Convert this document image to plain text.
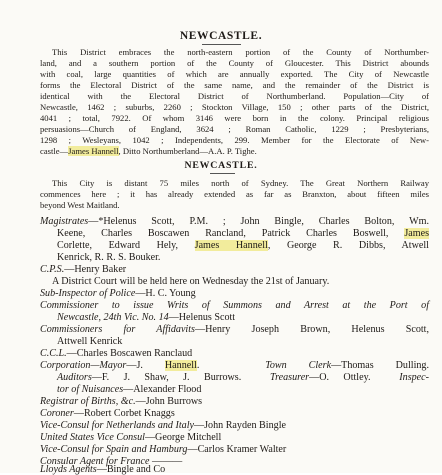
NEWCASTLE.
This District embraces the north-eastern portion of the County of Northumber-
land, and a southern portion of the County of Gloucester. This District abounds
with coal, large quantities of which are annually exported. The City of Newcastle
forms the Electoral District of the same name, and the remainder of the District is
identical with the Electoral District of Northumberland. Population—City of
Newcastle, 1462 ; suburbs, 2260 ; Stockton Village, 150 ; other parts of the District,
4041 ; total, 7922. Of whom 3146 were born in the colony. Principal religious
persuasions—Church of England, 3624 ; Roman Catholic, 1229 ; Presbyterians,
1298 ; Wesleyans, 1042 ; Independents, 299. Member for the Electorate of New-
castle—James Hannell, Ditto Northumberland—A.A. P. Tighe.
NEWCASTLE.
This City is distant 75 miles north of Sydney. The Great Northern Railway
commences here ; it has already extended as far as Branxton, about fifteen miles
beyond West Maitland.
Magistrates—*Helenus Scott, P.M. ; John Bingle, Charles Bolton, Wm.
Keene, Charles Boscawen Rancland, Patrick Charles Boswell, James
Corlette, Edward Hely, James Hannell, George R. Dibbs, Atwell
Kenrick, R. R. S. Bouker.
C.P.S.—Henry Baker
A District Court will be held here on Wednesday the 21st of January.
Sub-Inspector of Police—H. C. Young
Commissioner to issue Writs of Summons and Arrest at the Port of
Newcastle, 24th Vic. No. 14—Helenus Scott
Commissioners for Affidavits—Henry Joseph Brown, Helenus Scott,
Attwell Kenrick
C.C.L.—Charles Boscawen Ranclaud
Corporation—Mayor—J. Hannell.   Town Clerk—Thomas Dulling.
Auditors—F. J. Shaw, J. Burrows.	Treasurer—O. Ottley.	Inspec-
tor of Nuisances—Alexander Flood
Registrar of Births, &c.—John Burrows
Coroner—Robert Corbet Knaggs
Vice-Consul for Netherlands and Italy—John Rayden Bingle
United States Vice Consul—George Mitchell
Vice-Consul for Spain and Hamburg—Carlos Kramer Walter
Consular Agent for France ———
Lloyds Agents—Bingle and Co
